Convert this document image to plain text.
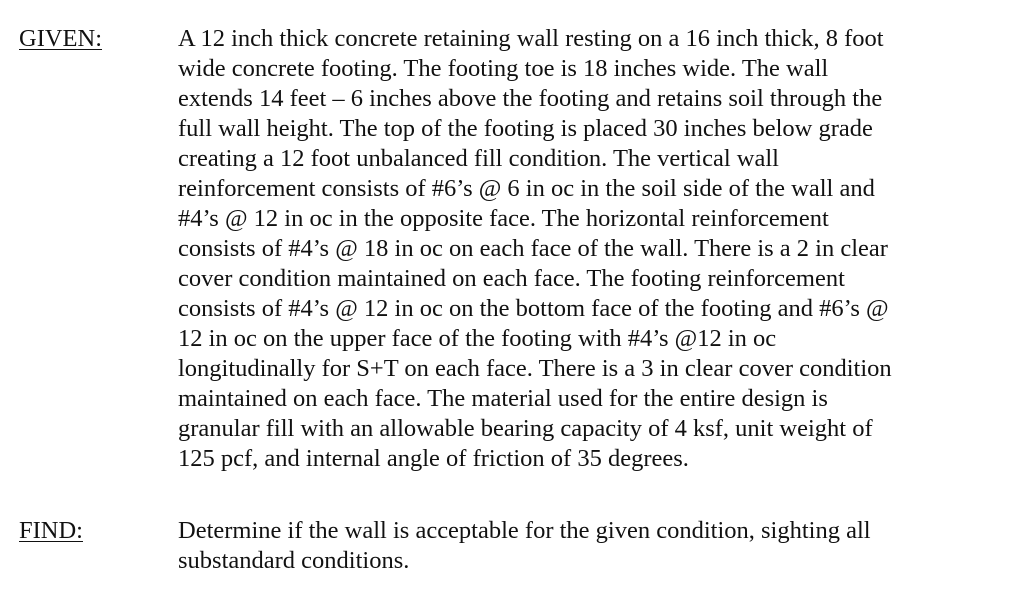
GIVEN:	A 12 inch thick concrete retaining wall resting on a 16 inch thick, 8 foot
wide concrete footing. The footing toe is 18 inches wide. The wall
extends 14 feet – 6 inches above the footing and retains soil through the
full wall height. The top of the footing is placed 30 inches below grade
creating a 12 foot unbalanced fill condition. The vertical wall
reinforcement consists of #6’s @ 6 in oc in the soil side of the wall and
#4’s @ 12 in oc in the opposite face. The horizontal reinforcement
consists of #4’s @ 18 in oc on each face of the wall. There is a 2 in clear
cover condition maintained on each face. The footing reinforcement
consists of #4’s @ 12 in oc on the bottom face of the footing and #6’s @
12 in oc on the upper face of the footing with #4’s @12 in oc
longitudinally for S+T on each face. There is a 3 in clear cover condition
maintained on each face. The material used for the entire design is
granular fill with an allowable bearing capacity of 4 ksf, unit weight of
125 pcf, and internal angle of friction of 35 degrees.
FIND:	Determine if the wall is acceptable for the given condition, sighting all
substandard conditions.
